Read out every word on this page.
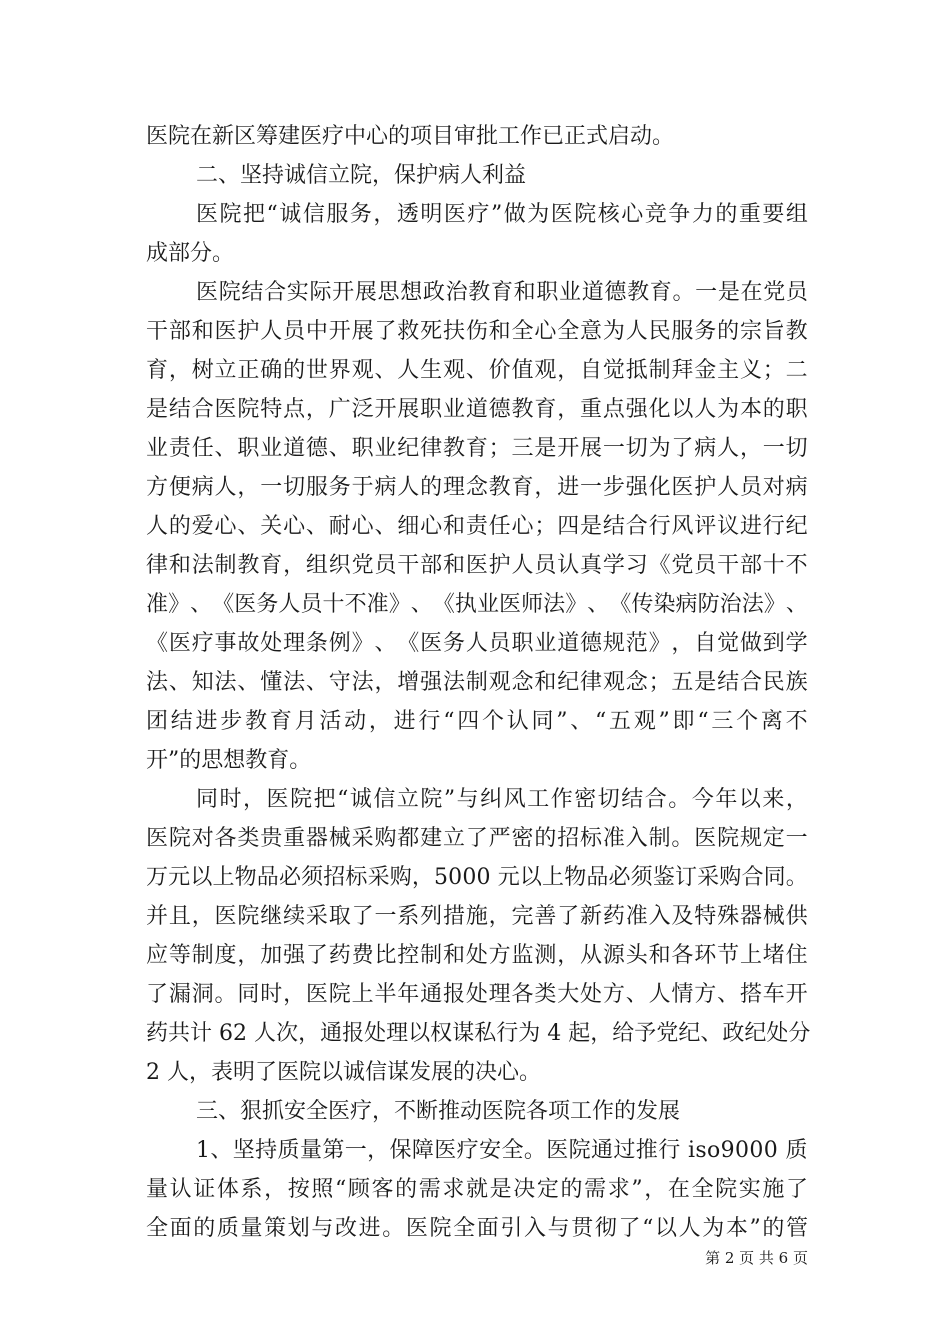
医院在新区筹建医疗中心的项目审批工作已正式启动。
二、坚持诚信立院，保护病人利益
医 院 把 “ 诚 信 服 务 ， 透 明 医 疗 ” 做 为 医 院 核 心 竞 争 力 的 重 要 组
成部分。
医 院 结 合 实 际 开 展 思 想 政 治 教 育 和 职 业 道 德 教 育 。 一 是 在 党 员
干 部 和 医 护 人 员 中 开 展 了 救 死 扶 伤 和 全 心 全 意 为 人 民 服 务 的 宗 旨 教
育 ， 树 立 正 确 的 世 界 观 、 人 生 观 、 价 值 观 ， 自 觉 抵 制 拜 金 主 义 ； 二
是 结 合 医 院 特 点 ， 广 泛 开 展 职 业 道 德 教 育 ， 重 点 强 化 以 人 为 本 的 职
业 责 任 、 职 业 道 德 、 职 业 纪 律 教 育 ； 三 是 开 展 一 切 为 了 病 人 ， 一 切
方 便 病 人 ， 一 切 服 务 于 病 人 的 理 念 教 育 ， 进 一 步 强 化 医 护 人 员 对 病
人 的 爱 心 、 关 心 、 耐 心 、 细 心 和 责 任 心 ； 四 是 结 合 行 风 评 议 进 行 纪
律 和 法 制 教 育 ， 组 织 党 员 干 部 和 医 护 人 员 认 真 学 习 《 党 员 干 部 十 不
准 》 、 《 医 务 人 员 十 不 准 》 、 《 执 业 医 师 法 》 、 《 传 染 病 防 治 法 》 、
《 医 疗 事 故 处 理 条 例 》 、 《 医 务 人 员 职 业 道 德 规 范 》 ， 自 觉 做 到 学
法 、 知 法 、 懂 法 、 守 法 ， 增 强 法 制 观 念 和 纪 律 观 念 ； 五 是 结 合 民 族
团 结 进 步 教 育 月 活 动 ， 进 行 “ 四 个 认 同 ” 、 “ 五 观 ” 即 “ 三 个 离 不
开”的思想教育。
同 时 ， 医 院 把 “ 诚 信 立 院 ” 与 纠 风 工 作 密 切 结 合 。 今 年 以 来 ，
医 院 对 各 类 贵 重 器 械 采 购 都 建 立 了 严 密 的 招 标 准 入 制 。 医 院 规 定 一
万 元 以 上 物 品 必 须 招 标 采 购 ， 5 0 0 0
元 以 上 物 品 必 须 鉴 订 采 购 合 同 。
并 且 ， 医 院 继 续 采 取 了 一 系 列 措 施 ， 完 善 了 新 药 准 入 及 特 殊 器 械 供
应 等 制 度 ， 加 强 了 药 费 比 控 制 和 处 方 监 测 ， 从 源 头 和 各 环 节 上 堵 住
了 漏 洞 。 同 时 ， 医 院 上 半 年 通 报 处 理 各 类 大 处 方 、 人 情 方 、 搭 车 开
药 共 计
6 2
人 次 ， 通 报 处 理 以 权 谋 私 行 为
4
起 ， 给 予 党 纪 、 政 纪 处 分
2 人，表明了医院以诚信谋发展的决心。
三、狠抓安全医疗，不断推动医院各项工作的发展
1 、 坚 持 质 量 第 一 ， 保 障 医 疗 安 全 。 医 院 通 过 推 行
i s o 9 0 0 0
质
量 认 证 体 系 ， 按 照 “ 顾 客 的 需 求 就 是 决 定 的 需 求 ” ， 在 全 院 实 施 了
全 面 的 质 量 策 划 与 改 进 。 医 院 全 面 引 入 与 贯 彻 了 “ 以 人 为 本 ” 的 管
第 2 页 共 6 页
